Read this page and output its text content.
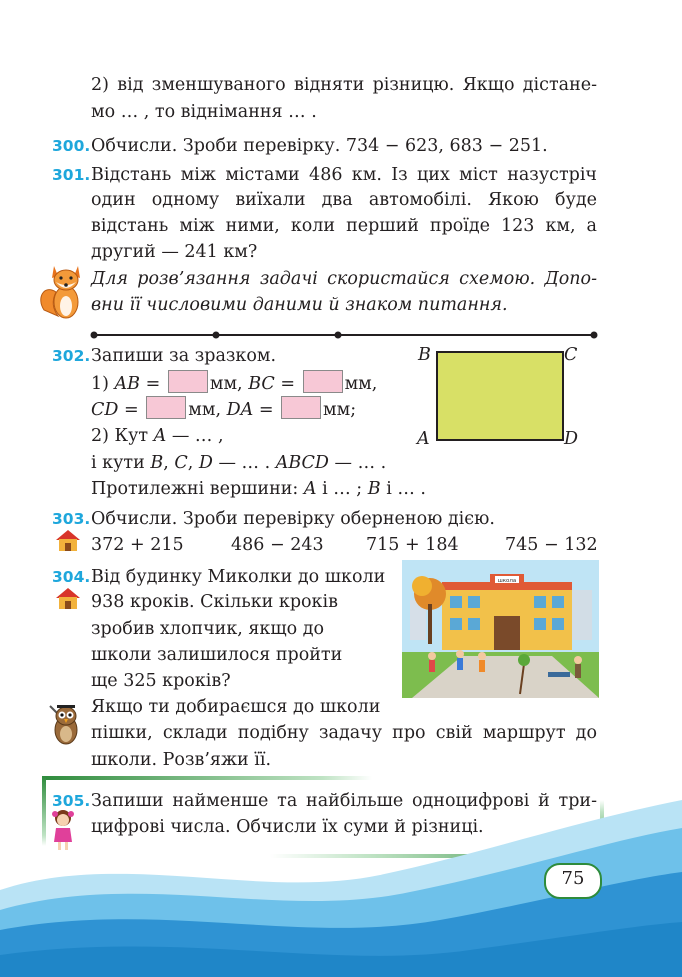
2) від зменшуваного відняти різницю. Якщо дістане-
мо … , то віднімання … .
300. Обчисли. Зроби перевірку. 734 − 623, 683 − 251.
301. Відстань між містами 486 км. Із цих міст назустріч
один одному виїхали два автомобілі. Якою буде
відстань між ними, коли перший проїде 123 км, а
другий — 241 км?
Для розв’язання задачі скористайся схемою. Допо-
вни її числовими даними й знаком питання.
302. Запиши за зразком.
1) AB =	мм, BC =	мм,
CD =	мм, DA =	мм;
2) Кут A — … ,
і кути B, C, D — … . ABCD — … .
Протилежні вершини: A і … ; B і … .
B	C
A	D
303. Обчисли. Зроби перевірку оберненою дією.
372 + 215	486 − 243 715 + 184	745 − 132
304. Від будинку Миколки до школи
938 кроків. Скільки кроків
зробив хлопчик, якщо до
школи залишилося пройти
ще 325 кроків?
Якщо ти добираєшся до школи
пішки, склади подібну задачу про свій маршрут до
школи. Розв’яжи її.
школа
305. Запиши найменше та найбільше одноцифрові й три-
цифрові числа. Обчисли їх суми й різниці.
75
